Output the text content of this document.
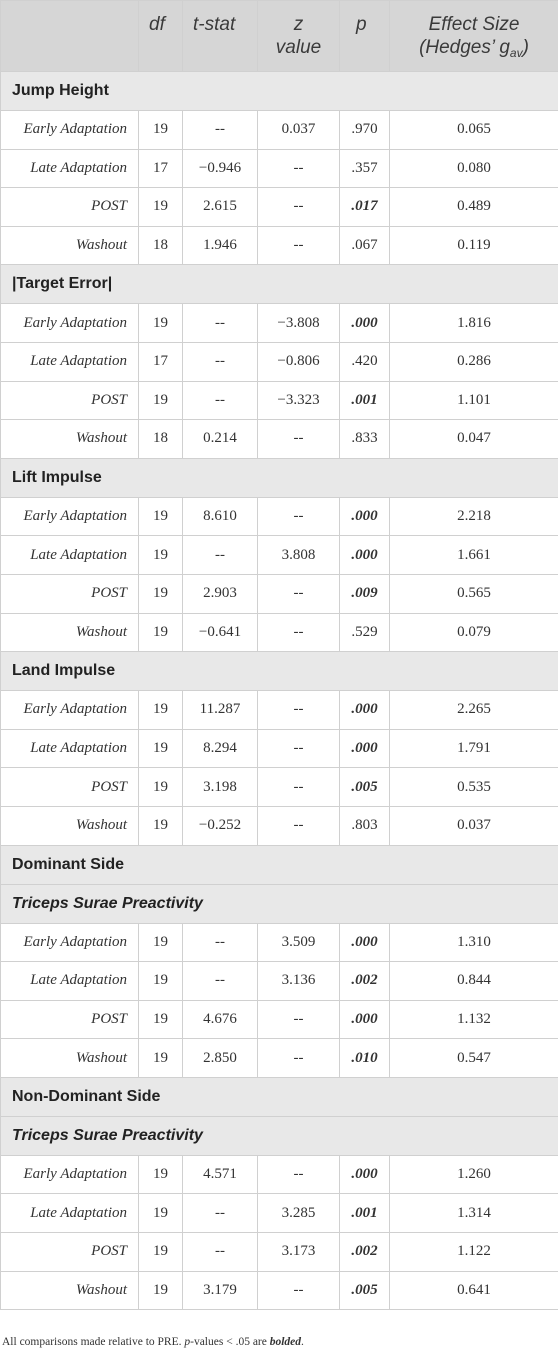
	df	t-stat	z
value	p	Effect Size
(Hedges’ $g_{av}$)
Jump Height					
Early Adaptation	19	--	0.037	.970	0.065
Late Adaptation	17	−0.946	--	.357	0.080
POST	19	2.615	--	.017	0.489
Washout	18	1.946	--	.067	0.119
|Target Error|					
Early Adaptation	19	--	−3.808	.000	1.816
Late Adaptation	17	--	−0.806	.420	0.286
POST	19	--	−3.323	.001	1.101
Washout	18	0.214	--	.833	0.047
Lift Impulse					
Early Adaptation	19	8.610	--	.000	2.218
Late Adaptation	19	--	3.808	.000	1.661
POST	19	2.903	--	.009	0.565
Washout	19	−0.641	--	.529	0.079
Land Impulse					
Early Adaptation	19	11.287	--	.000	2.265
Late Adaptation	19	8.294	--	.000	1.791
POST	19	3.198	--	.005	0.535
Washout	19	−0.252	--	.803	0.037
Dominant Side					
Triceps Surae Preactivity					
Early Adaptation	19	--	3.509	.000	1.310
Late Adaptation	19	--	3.136	.002	0.844
POST	19	4.676	--	.000	1.132
Washout	19	2.850	--	.010	0.547
Non-Dominant Side					
Triceps Surae Preactivity					
Early Adaptation	19	4.571	--	.000	1.260
Late Adaptation	19	--	3.285	.001	1.314
POST	19	--	3.173	.002	1.122
Washout	19	3.179	--	.005	0.641
All comparisons made relative to PRE. p-values < .05 are bolded.
